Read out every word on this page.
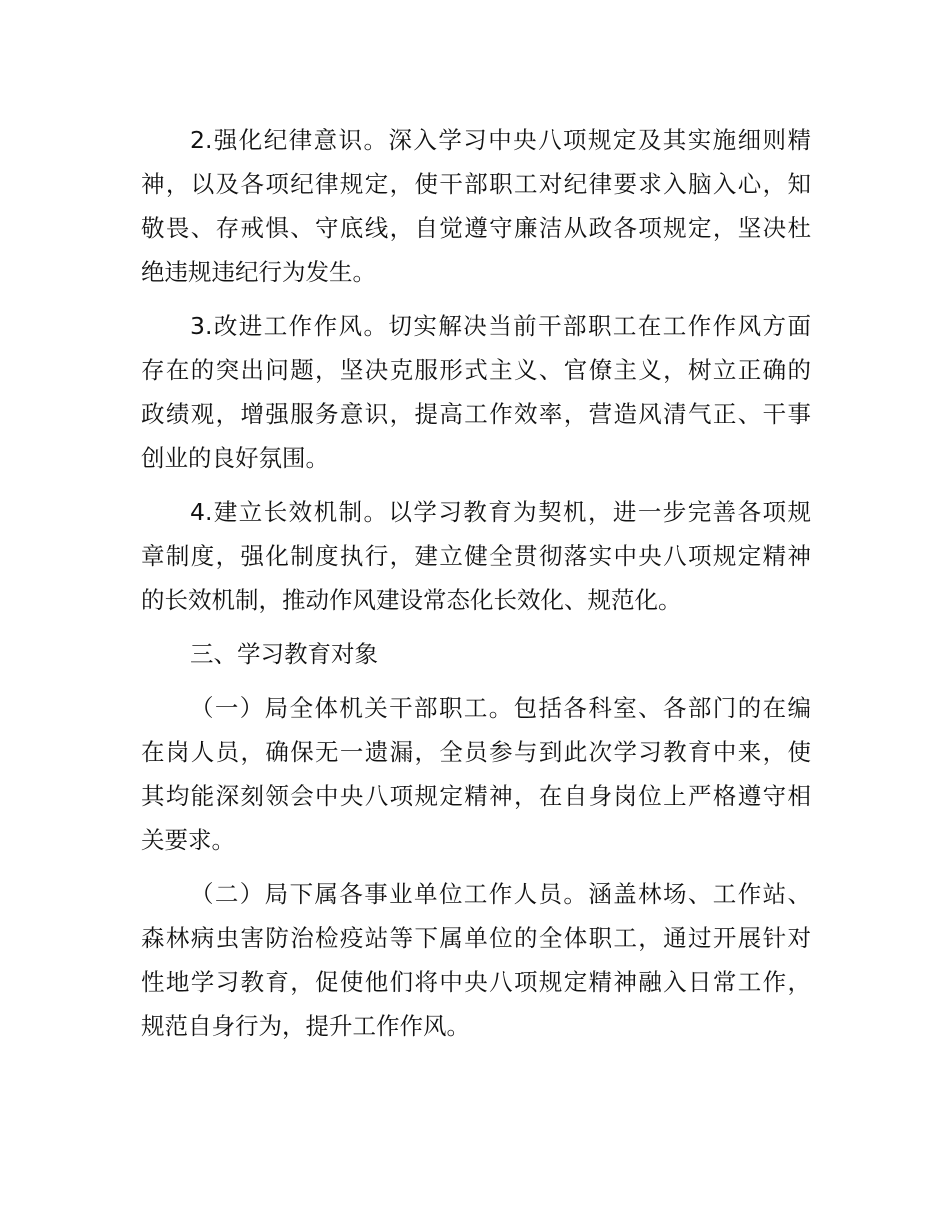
2.强化纪律意识。深入学习中央八项规定及其实施细则精
神，以及各项纪律规定，使干部职工对纪律要求入脑入心，知
敬畏、存戒惧、守底线，自觉遵守廉洁从政各项规定，坚决杜
绝违规违纪行为发生。
3.改进工作作风。切实解决当前干部职工在工作作风方面
存在的突出问题，坚决克服形式主义、官僚主义，树立正确的
政绩观，增强服务意识，提高工作效率，营造风清气正、干事
创业的良好氛围。
4.建立长效机制。以学习教育为契机，进一步完善各项规
章制度，强化制度执行，建立健全贯彻落实中央八项规定精神
的长效机制，推动作风建设常态化长效化、规范化。
三、学习教育对象
（一）局全体机关干部职工。包括各科室、各部门的在编
在岗人员，确保无一遗漏，全员参与到此次学习教育中来，使
其均能深刻领会中央八项规定精神，在自身岗位上严格遵守相
关要求。
（二）局下属各事业单位工作人员。涵盖林场、工作站、
森林病虫害防治检疫站等下属单位的全体职工，通过开展针对
性地学习教育，促使他们将中央八项规定精神融入日常工作，
规范自身行为，提升工作作风。
